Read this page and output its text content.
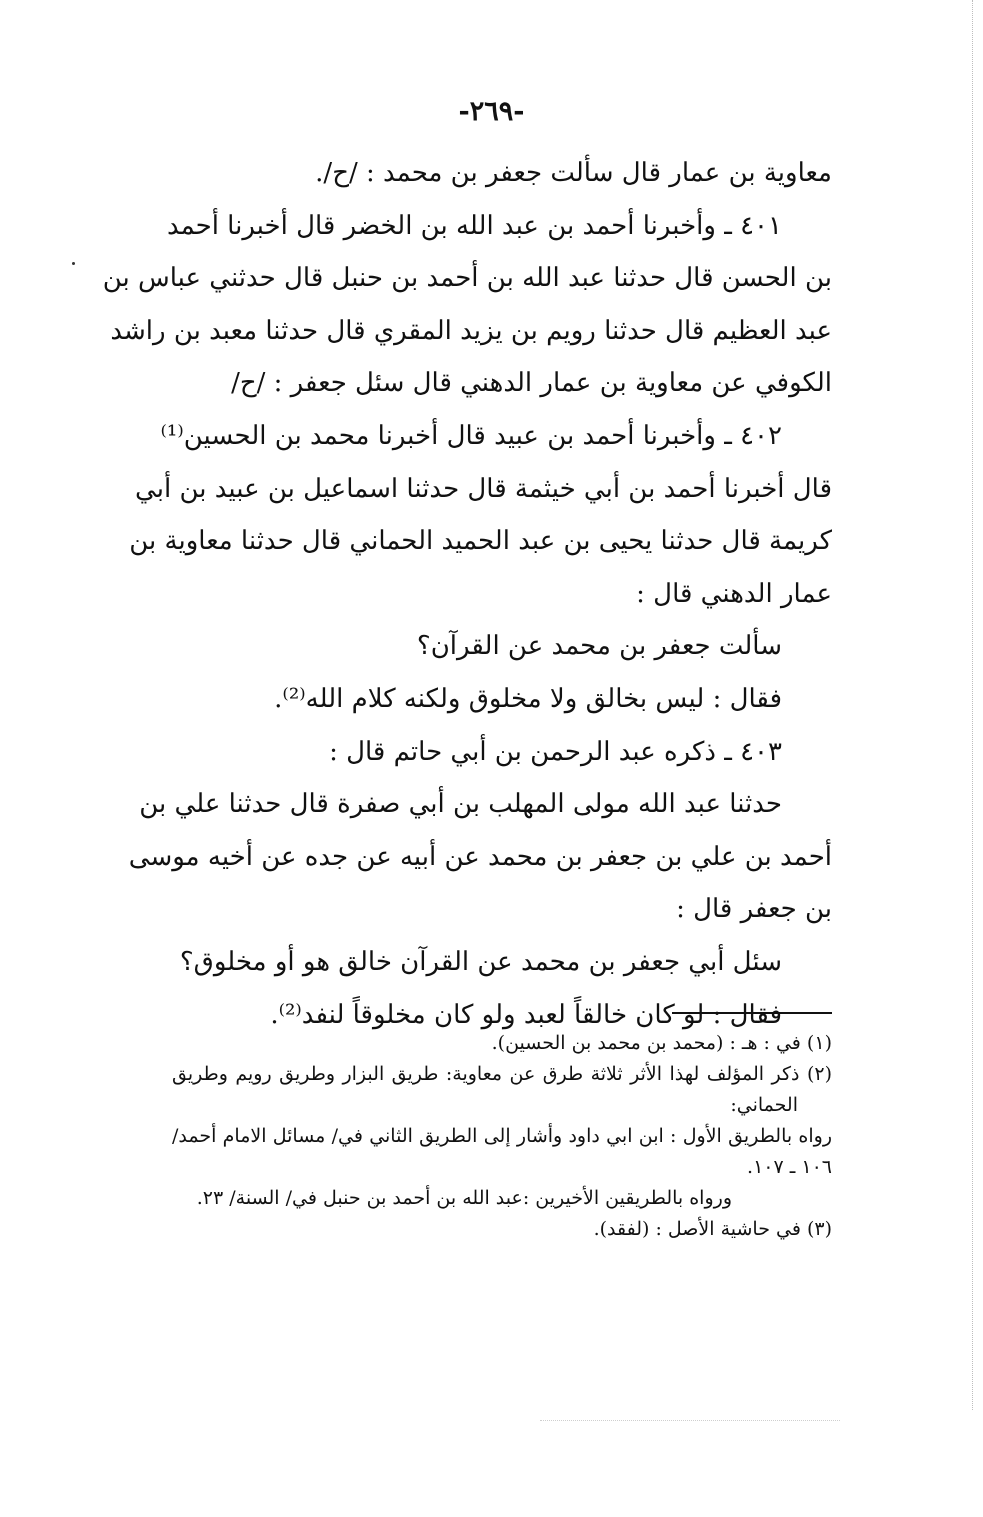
-٢٦٩-
معاوية بن عمار قال سألت جعفر بن محمد : /ح/.
٤٠١ ـ وأخبرنا أحمد بن عبد الله بن الخضر قال أخبرنا أحمد
بن الحسن قال حدثنا عبد الله بن أحمد بن حنبل قال حدثني عباس بن
عبد العظيم قال حدثنا رويم بن يزيد المقري قال حدثنا معبد بن راشد
الكوفي عن معاوية بن عمار الدهني قال سئل جعفر : /ح/
٤٠٢ ـ وأخبرنا أحمد بن عبيد قال أخبرنا محمد بن الحسين⁽¹⁾
قال أخبرنا أحمد بن أبي خيثمة قال حدثنا اسماعيل بن عبيد بن أبي
كريمة قال حدثنا يحيى بن عبد الحميد الحماني قال حدثنا معاوية بن
عمار الدهني قال :
سألت جعفر بن محمد عن القرآن؟
فقال : ليس بخالق ولا مخلوق ولكنه كلام الله⁽²⁾.
٤٠٣ ـ ذكره عبد الرحمن بن أبي حاتم قال :
حدثنا عبد الله مولى المهلب بن أبي صفرة قال حدثنا علي بن
أحمد بن علي بن جعفر بن محمد عن أبيه عن جده عن أخيه موسى
بن جعفر قال :
سئل أبي جعفر بن محمد عن القرآن خالق هو أو مخلوق؟
فقال : لو كان خالقاً لعبد ولو كان مخلوقاً لنفد⁽²⁾.
(١) في : هـ : (محمد بن محمد بن الحسين).
(٢) ذكر المؤلف لهذا الأثر ثلاثة طرق عن معاوية: طريق البزار وطريق رويم وطريق
الحماني:
رواه بالطريق الأول : ابن ابي داود وأشار إلى الطريق الثاني في/ مسائل الامام أحمد/
١٠٦ ـ ١٠٧.
ورواه بالطريقين الأخيرين :عبد الله بن أحمد بن حنبل في/ السنة/ ٢٣.
(٣) في حاشية الأصل : (لفقد).
